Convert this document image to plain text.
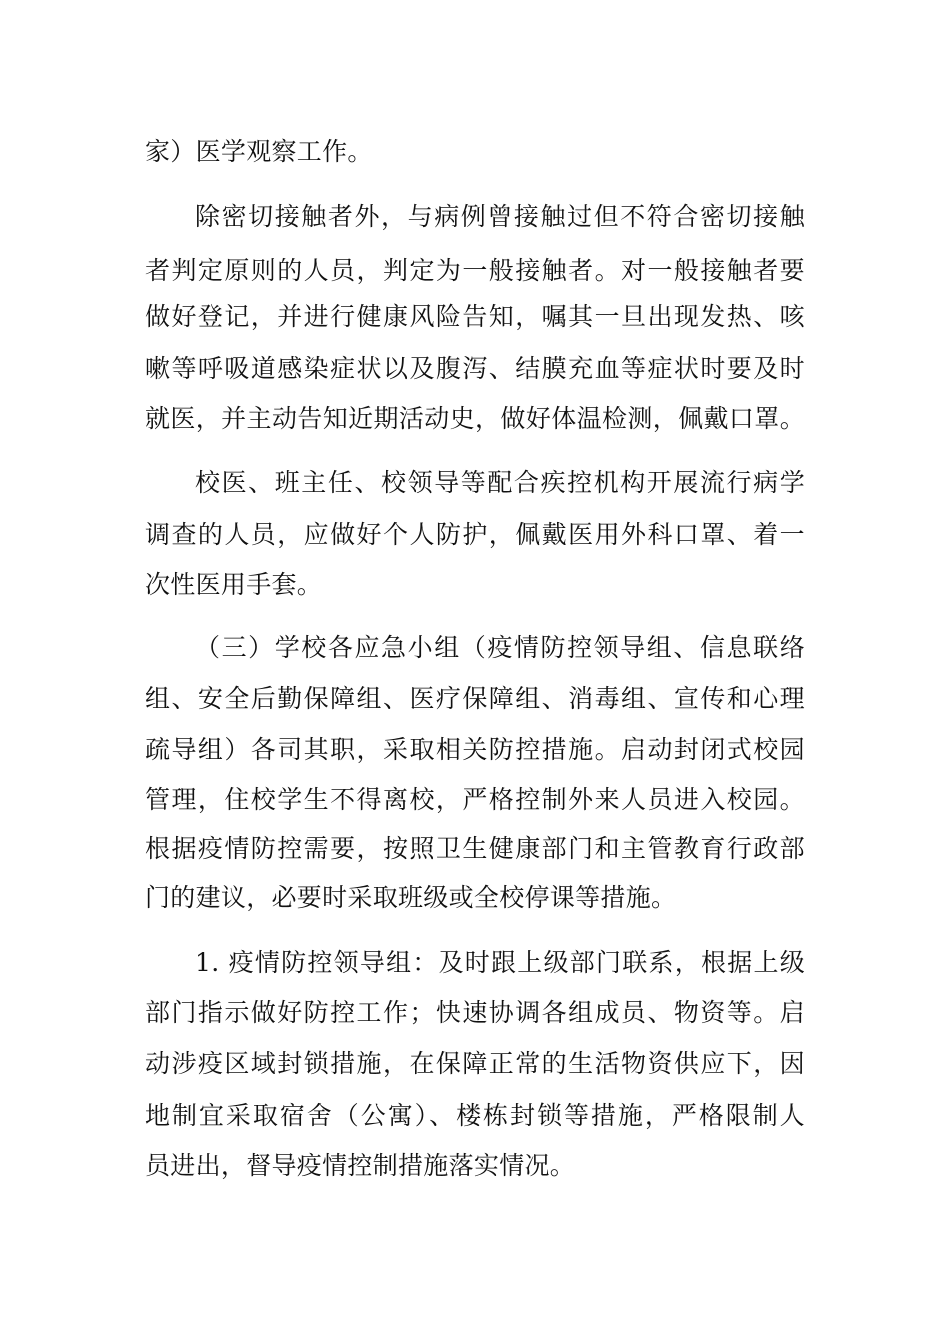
家）医学观察工作。
除密切接触者外，与病例曾接触过但不符合密切接触
者判定原则的人员，判定为一般接触者。对一般接触者要
做好登记，并进行健康风险告知，嘱其一旦出现发热、咳
嗽等呼吸道感染症状以及腹泻、结膜充血等症状时要及时
就医，并主动告知近期活动史，做好体温检测，佩戴口罩。
校医、班主任、校领导等配合疾控机构开展流行病学
调查的人员，应做好个人防护，佩戴医用外科口罩、着一
次性医用手套。
（三）学校各应急小组（疫情防控领导组、信息联络
组、安全后勤保障组、医疗保障组、消毒组、宣传和心理
疏导组）各司其职，采取相关防控措施。启动封闭式校园
管理，住校学生不得离校，严格控制外来人员进入校园。
根据疫情防控需要，按照卫生健康部门和主管教育行政部
门的建议，必要时采取班级或全校停课等措施。
1. 疫情防控领导组：及时跟上级部门联系，根据上级
部门指示做好防控工作；快速协调各组成员、物资等。启
动涉疫区域封锁措施，在保障正常的生活物资供应下，因
地制宜采取宿舍（公寓）、楼栋封锁等措施，严格限制人
员进出，督导疫情控制措施落实情况。
